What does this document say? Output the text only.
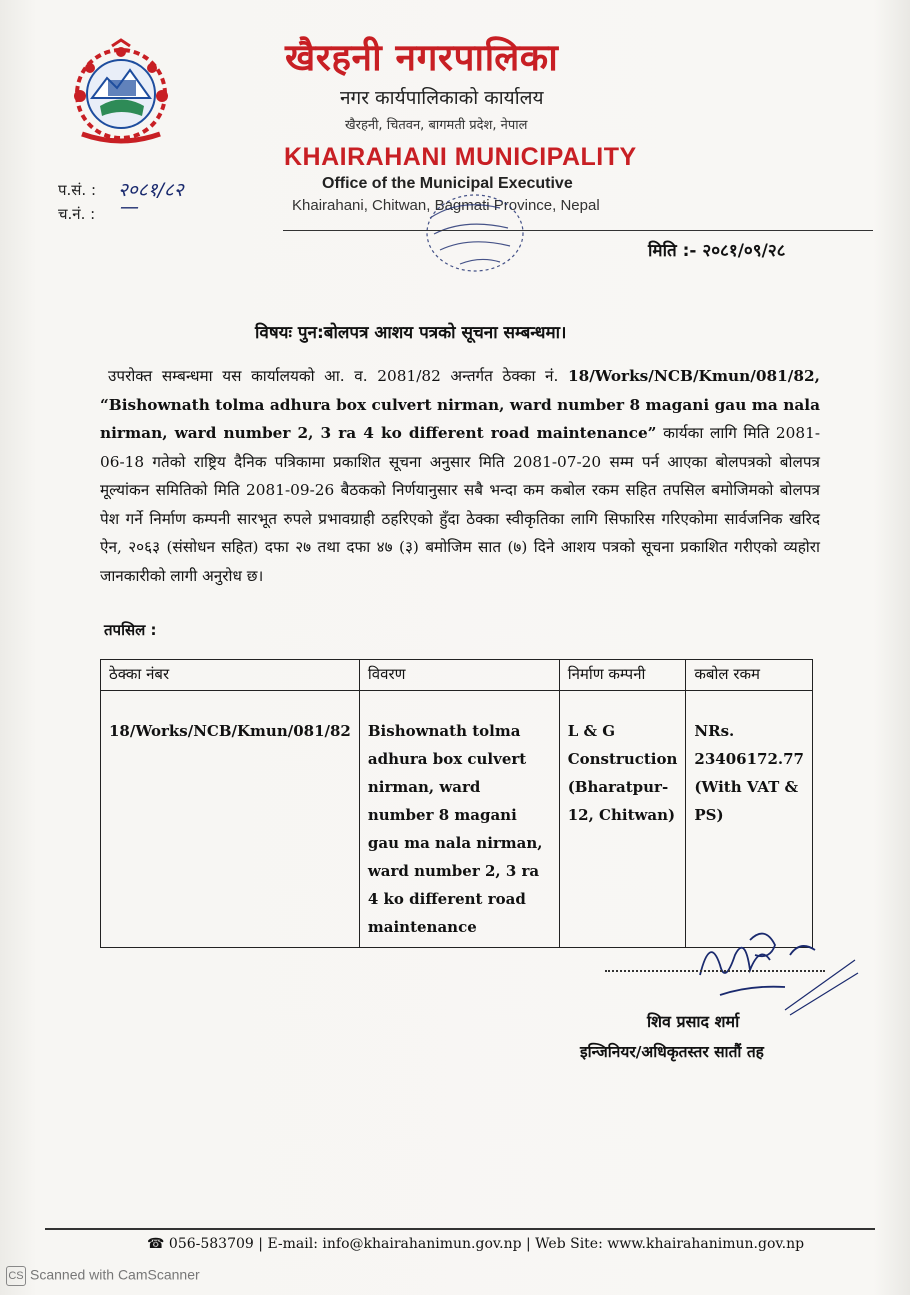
खैरहनी नगरपालिका
नगर कार्यपालिकाको कार्यालय
खैरहनी, चितवन, बागमती प्रदेश, नेपाल
KHAIRAHANI MUNICIPALITY
Office of the Municipal Executive
Khairahani, Chitwan, Bagmati Province, Nepal
प.सं. : २०८१/८२
च.नं. : —
मिति :- २०८१/०९/२८
विषयः पुन:बोलपत्र आशय पत्रको सूचना सम्बन्धमा।
उपरोक्त सम्बन्धमा यस कार्यालयको आ. व. 2081/82 अन्तर्गत ठेक्का नं. 18/Works/NCB/Kmun/081/82, “Bishownath tolma adhura box culvert nirman, ward number 8 magani gau ma nala nirman, ward number 2, 3 ra 4 ko different road maintenance” कार्यका लागि मिति 2081-06-18 गतेको राष्ट्रिय दैनिक पत्रिकामा प्रकाशित सूचना अनुसार मिति 2081-07-20 सम्म पर्न आएका बोलपत्रको बोलपत्र मूल्यांकन समितिको मिति 2081-09-26 बैठकको निर्णयानुसार सबै भन्दा कम कबोल रकम सहित तपसिल बमोजिमको बोलपत्र पेश गर्ने निर्माण कम्पनी सारभूत रुपले प्रभावग्राही ठहरिएको हुँदा ठेक्का स्वीकृतिका लागि सिफारिस गरिएकोमा सार्वजनिक खरिद ऐन, २०६३ (संसोधन सहित) दफा २७ तथा दफा ४७ (३) बमोजिम सात (७) दिने आशय पत्रको सूचना प्रकाशित गरीएको व्यहोरा जानकारीको लागी अनुरोध छ।
तपसिल :
ठेक्का नंबर	विवरण	निर्माण कम्पनी	कबोल रकम
18/Works/NCB/Kmun/081/82	Bishownath tolma adhura box culvert nirman, ward number 8 magani gau ma nala nirman, ward number 2, 3 ra 4 ko different road maintenance	L & G Construction (Bharatpur-12, Chitwan)	NRs. 23406172.77 (With VAT & PS)
शिव प्रसाद शर्मा
इन्जिनियर/अधिकृतस्तर सातौं तह
☎ 056-583709 | E-mail: info@khairahanimun.gov.np | Web Site: www.khairahanimun.gov.np
CS Scanned with CamScanner
